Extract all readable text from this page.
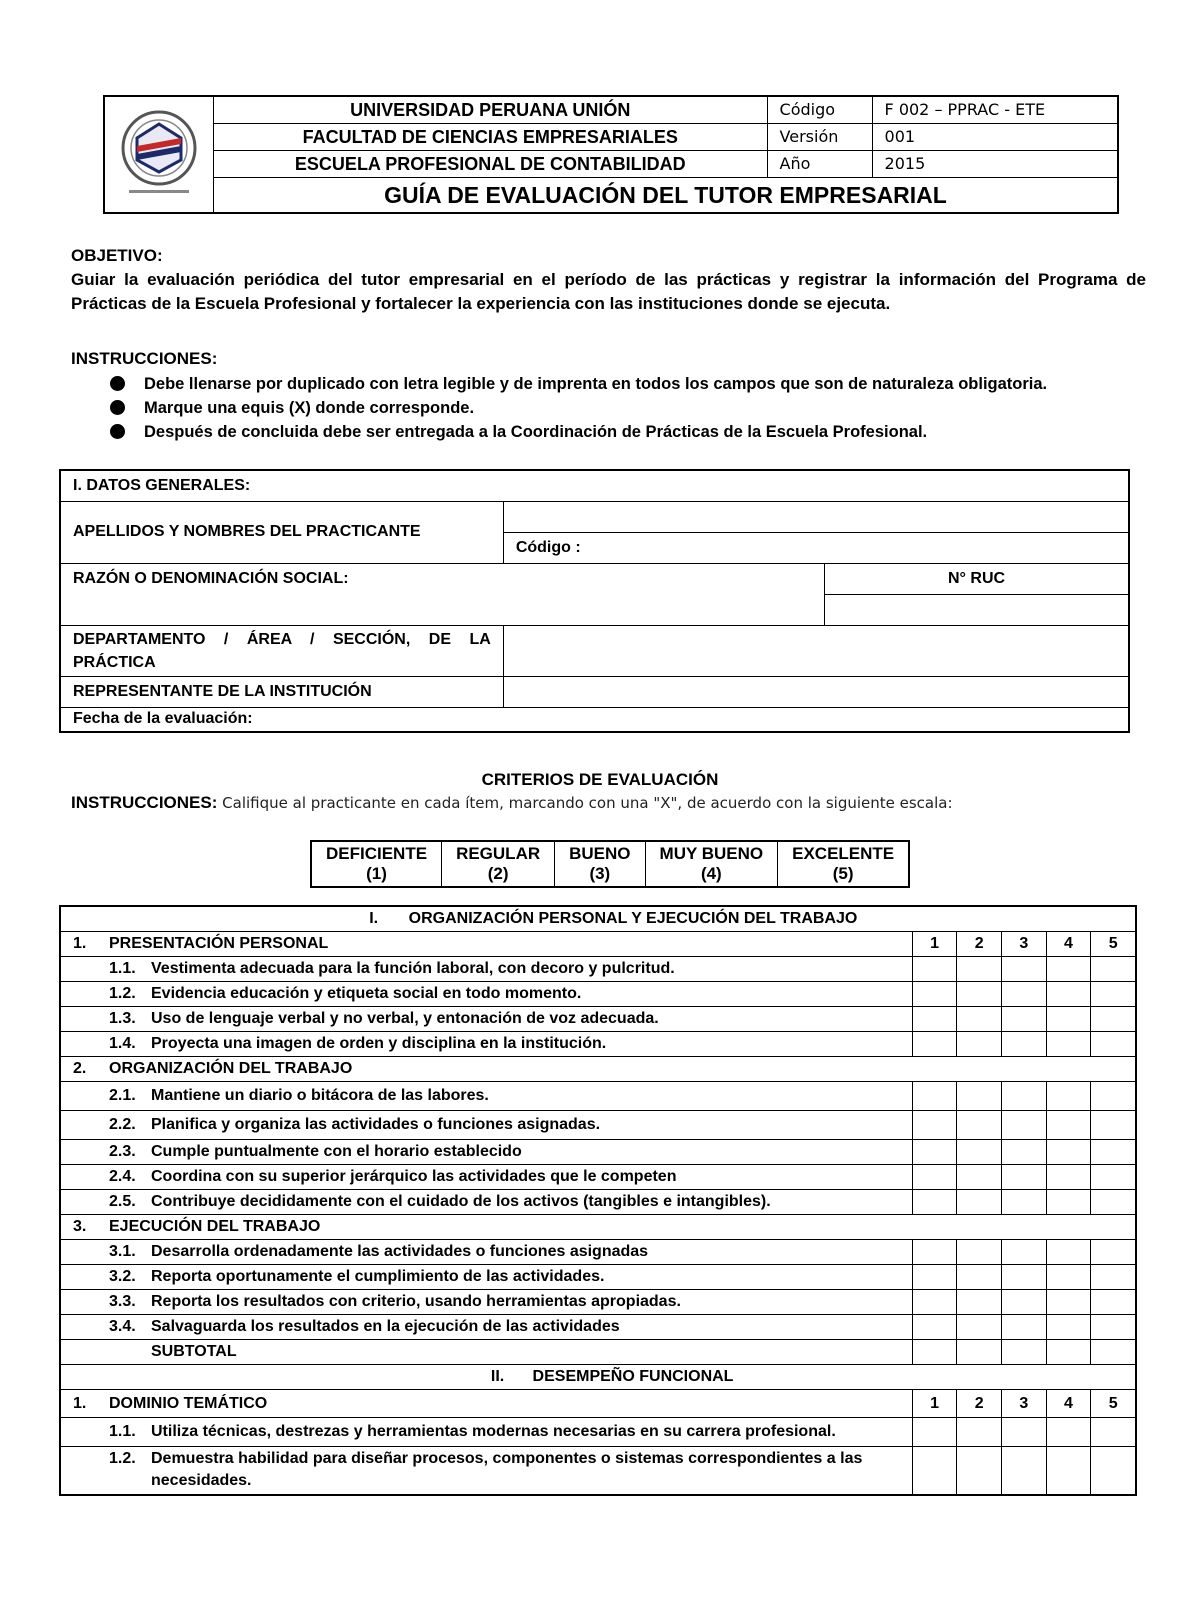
	UNIVERSIDAD PERUANA UNIÓN	Código	F 002 – PPRAC - ETE
	FACULTAD DE CIENCIAS EMPRESARIALES	Versión	001
	ESCUELA PROFESIONAL DE CONTABILIDAD	Año	2015
	GUÍA DE EVALUACIÓN DEL TUTOR EMPRESARIAL		
OBJETIVO:
Guiar la evaluación periódica del tutor empresarial en el período de las prácticas y registrar la información del Programa de Prácticas de la Escuela Profesional y fortalecer la experiencia con las instituciones donde se ejecuta.
INSTRUCCIONES:
Debe llenarse por duplicado con letra legible y de imprenta en todos los campos que son de naturaleza obligatoria.
Marque una equis (X) donde corresponde.
Después de concluida debe ser entregada a la Coordinación de Prácticas de la Escuela Profesional.
I. DATOS GENERALES:		
APELLIDOS Y NOMBRES DEL PRACTICANTE		
	Código :	
RAZÓN O DENOMINACIÓN SOCIAL:		N° RUC

DEPARTAMENTO / ÁREA / SECCIÓN, DE LA PRÁCTICA		
REPRESENTANTE DE LA INSTITUCIÓN		
Fecha de la evaluación:		
CRITERIOS DE EVALUACIÓN
INSTRUCCIONES: Califique al practicante en cada ítem, marcando con una "X", de acuerdo con la siguiente escala:
DEFICIENTE
(1)

REGULAR
(2)

BUENO
(3)

MUY BUENO
(4)

EXCELENTE
(5)
I. ORGANIZACIÓN PERSONAL Y EJECUCIÓN DEL TRABAJO					
1. PRESENTACIÓN PERSONAL	1	2	3	4	5
1.1. Vestimenta adecuada para la función laboral, con decoro y pulcritud.					
1.2. Evidencia educación y etiqueta social en todo momento.					
1.3. Uso de lenguaje verbal y no verbal, y entonación de voz adecuada.					
1.4. Proyecta una imagen de orden y disciplina en la institución.					
2. ORGANIZACIÓN DEL TRABAJO					
2.1. Mantiene un diario o bitácora de las labores.					
2.2. Planifica y organiza las actividades o funciones asignadas.					
2.3. Cumple puntualmente con el horario establecido					
2.4. Coordina con su superior jerárquico las actividades que le competen					
2.5. Contribuye decididamente con el cuidado de los activos (tangibles e intangibles).					
3. EJECUCIÓN DEL TRABAJO					
3.1. Desarrolla ordenadamente las actividades o funciones asignadas					
3.2. Reporta oportunamente el cumplimiento de las actividades.					
3.3. Reporta los resultados con criterio, usando herramientas apropiadas.					
3.4. Salvaguarda los resultados en la ejecución de las actividades					
SUBTOTAL					
II. DESEMPEÑO FUNCIONAL					
1. DOMINIO TEMÁTICO	1	2	3	4	5
1.1. Utiliza técnicas, destrezas y herramientas modernas necesarias en su carrera profesional.					

1.2. Demuestra habilidad para diseñar procesos, componentes o sistemas correspondientes a las necesidades.					
